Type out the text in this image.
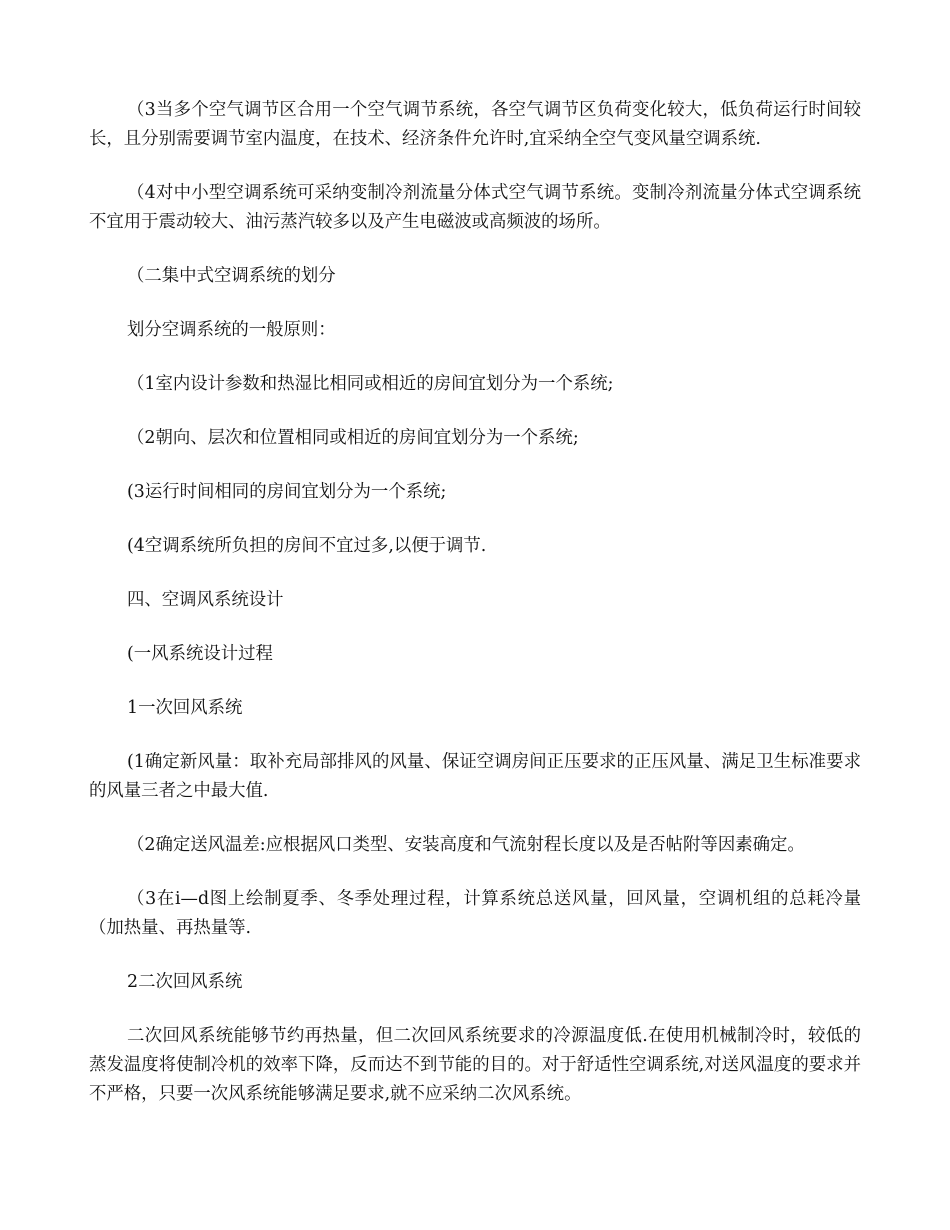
（3当多个空气调节区合用一个空气调节系统，各空气调节区负荷变化较大，低负荷运行时间较长，且分别需要调节室内温度，在技术、经济条件允许时,宜采纳全空气变风量空调系统.

（4对中小型空调系统可采纳变制冷剂流量分体式空气调节系统。变制冷剂流量分体式空调系统不宜用于震动较大、油污蒸汽较多以及产生电磁波或高频波的场所。

（二集中式空调系统的划分

划分空调系统的一般原则：

（1室内设计参数和热湿比相同或相近的房间宜划分为一个系统;

（2朝向、层次和位置相同或相近的房间宜划分为一个系统;

(3运行时间相同的房间宜划分为一个系统;

(4空调系统所负担的房间不宜过多,以便于调节.

四、空调风系统设计

(一风系统设计过程

1一次回风系统

(1确定新风量：取补充局部排风的风量、保证空调房间正压要求的正压风量、满足卫生标准要求的风量三者之中最大值.

（2确定送风温差:应根据风口类型、安装高度和气流射程长度以及是否帖附等因素确定。

（3在i—d图上绘制夏季、冬季处理过程，计算系统总送风量，回风量，空调机组的总耗冷量（加热量、再热量等.

2二次回风系统

二次回风系统能够节约再热量，但二次回风系统要求的冷源温度低.在使用机械制冷时，较低的蒸发温度将使制冷机的效率下降，反而达不到节能的目的。对于舒适性空调系统,对送风温度的要求并不严格，只要一次风系统能够满足要求,就不应采纳二次风系统。
